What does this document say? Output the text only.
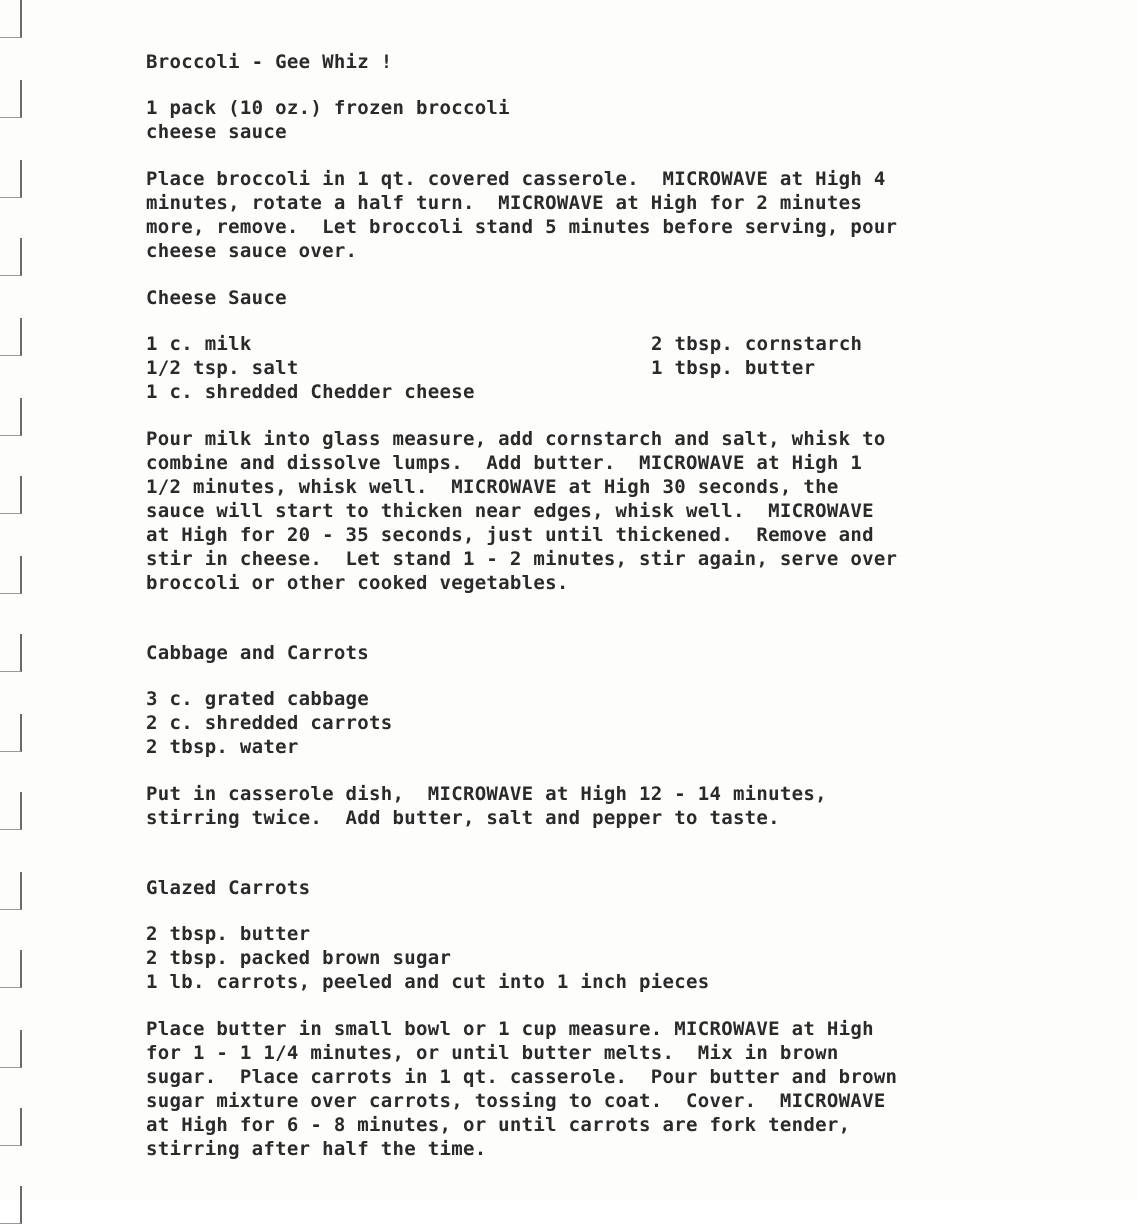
Broccoli - Gee Whiz !
1 pack (10 oz.) frozen broccoli
cheese sauce
Place broccoli in 1 qt. covered casserole.  MICROWAVE at High 4
minutes, rotate a half turn.  MICROWAVE at High for 2 minutes
more, remove.  Let broccoli stand 5 minutes before serving, pour
cheese sauce over.
Cheese Sauce
1 c. milk
1/2 tsp. salt
1 c. shredded Chedder cheese
2 tbsp. cornstarch
1 tbsp. butter
Pour milk into glass measure, add cornstarch and salt, whisk to
combine and dissolve lumps.  Add butter.  MICROWAVE at High 1
1/2 minutes, whisk well.  MICROWAVE at High 30 seconds, the
sauce will start to thicken near edges, whisk well.  MICROWAVE
at High for 20 - 35 seconds, just until thickened.  Remove and
stir in cheese.  Let stand 1 - 2 minutes, stir again, serve over
broccoli or other cooked vegetables.
Cabbage and Carrots
3 c. grated cabbage
2 c. shredded carrots
2 tbsp. water
Put in casserole dish,  MICROWAVE at High 12 - 14 minutes,
stirring twice.  Add butter, salt and pepper to taste.
Glazed Carrots
2 tbsp. butter
2 tbsp. packed brown sugar
1 lb. carrots, peeled and cut into 1 inch pieces
Place butter in small bowl or 1 cup measure. MICROWAVE at High
for 1 - 1 1/4 minutes, or until butter melts.  Mix in brown
sugar.  Place carrots in 1 qt. casserole.  Pour butter and brown
sugar mixture over carrots, tossing to coat.  Cover.  MICROWAVE
at High for 6 - 8 minutes, or until carrots are fork tender,
stirring after half the time.
